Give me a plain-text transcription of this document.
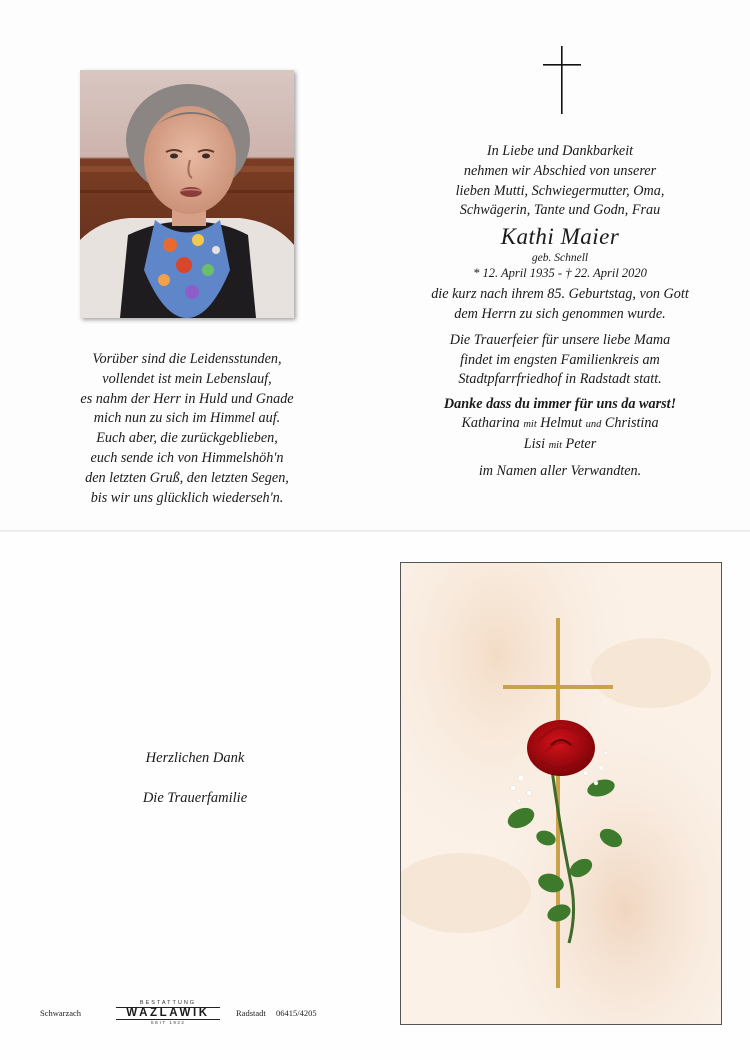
Vorüber sind die Leidensstunden,
vollendet ist mein Lebenslauf,
es nahm der Herr in Huld und Gnade
mich nun zu sich im Himmel auf.
Euch aber, die zurückgeblieben,
euch sende ich von Himmelshöh'n
den letzten Gruß, den letzten Segen,
bis wir uns glücklich wiederseh'n.
In Liebe und Dankbarkeit
nehmen wir Abschied von unserer
lieben Mutti, Schwiegermutter, Oma,
Schwägerin, Tante und Godn, Frau
Kathi Maier
geb. Schnell
* 12. April 1935 - † 22. April 2020
die kurz nach ihrem 85. Geburtstag, von Gott
dem Herrn zu sich genommen wurde.
Die Trauerfeier für unsere liebe Mama
findet im engsten Familienkreis am
Stadtpfarrfriedhof in Radstadt statt.
Danke dass du immer für uns da warst!
Katharina mit Helmut und Christina
Lisi mit Peter
im Namen aller Verwandten.
Herzlichen Dank
Die Trauerfamilie
Schwarzach
BESTATTUNG
WAZLAWIK
SEIT 1922
Radstadt 06415/4205
